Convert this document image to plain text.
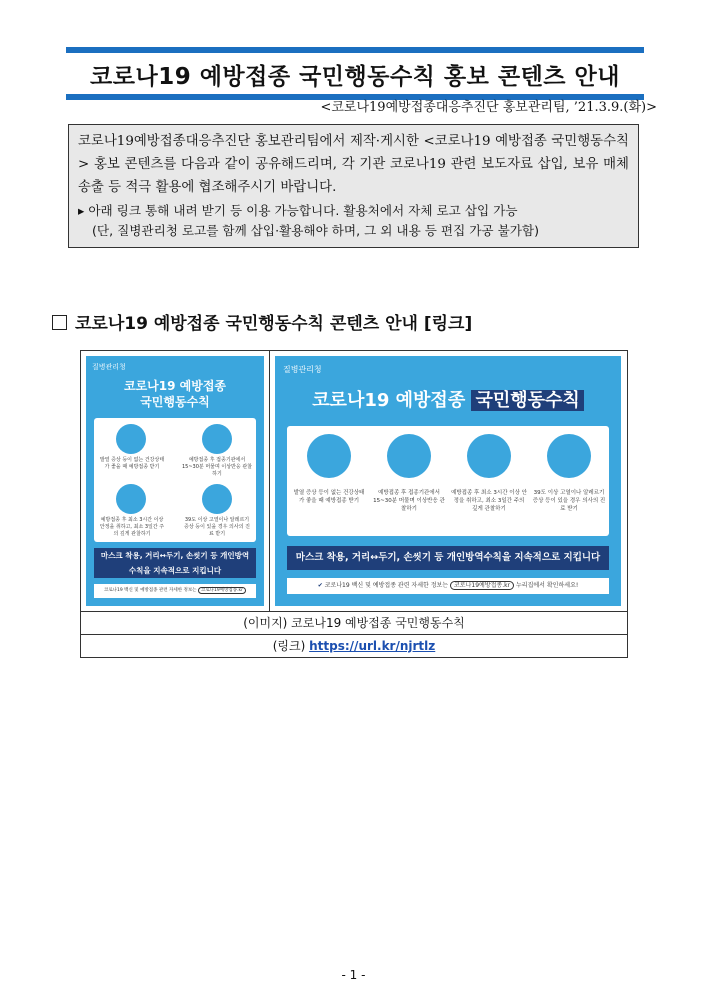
코로나19 예방접종 국민행동수칙 홍보 콘텐츠 안내
<코로나19예방접종대응추진단 홍보관리팀, ’21.3.9.(화)>

코로나19예방접종대응추진단 홍보관리팀에서 제작·게시한 <코로나19 예방접종 국민행동수칙> 홍보 콘텐츠를 다음과 같이 공유해드리며, 각 기관 코로나19 관련 보도자료 삽입, 보유 매체 송출 등 적극 활용에 협조해주시기 바랍니다.

▸ 아래 링크 통해 내려 받기 등 이용 가능합니다. 활용처에서 자체 로고 삽입 가능

(단, 질병관리청 로고를 함께 삽입·활용해야 하며, 그 외 내용 등 편집 가공 불가함)

코로나19 예방접종 국민행동수칙 콘텐츠 안내 [링크]
질병관리청
코로나19 예방접종
국민행동수칙
발열 증상 등이 없는 건강상태가 좋을 때 예방접종 받기
예방접종 후 접종기관에서 15~30분 머물며 이상반응 관찰하기
예방접종 후 최소 3시간 이상 안정을 취하고, 최소 3일간 주의 깊게 관찰하기
39도 이상 고열이나 알레르기 증상 등이 있을 경우 의사의 진료 받기
마스크 착용, 거리↔두기, 손씻기 등 개인방역수칙을 지속적으로 지킵니다
코로나19 백신 및 예방접종 관련 자세한 정보는 코로나19예방접종.kr

질병관리청
코로나19 예방접종 국민행동수칙
발열 증상 등이 없는 건강상태가 좋을 때 예방접종 받기
예방접종 후 접종기관에서 15~30분 머물며 이상반응 관찰하기
예방접종 후 최소 3시간 이상 안정을 취하고, 최소 3일간 주의 깊게 관찰하기
39도 이상 고열이나 알레르기 증상 등이 있을 경우 의사의 진료 받기
마스크 착용, 거리↔두기, 손씻기 등 개인방역수칙을 지속적으로 지킵니다
✔ 코로나19 백신 및 예방접종 관련 자세한 정보는 코로나19예방접종.kr 누리집에서 확인하세요!

(이미지) 코로나19 예방접종 국민행동수칙
(링크) https://url.kr/njrtlz
- 1 -
